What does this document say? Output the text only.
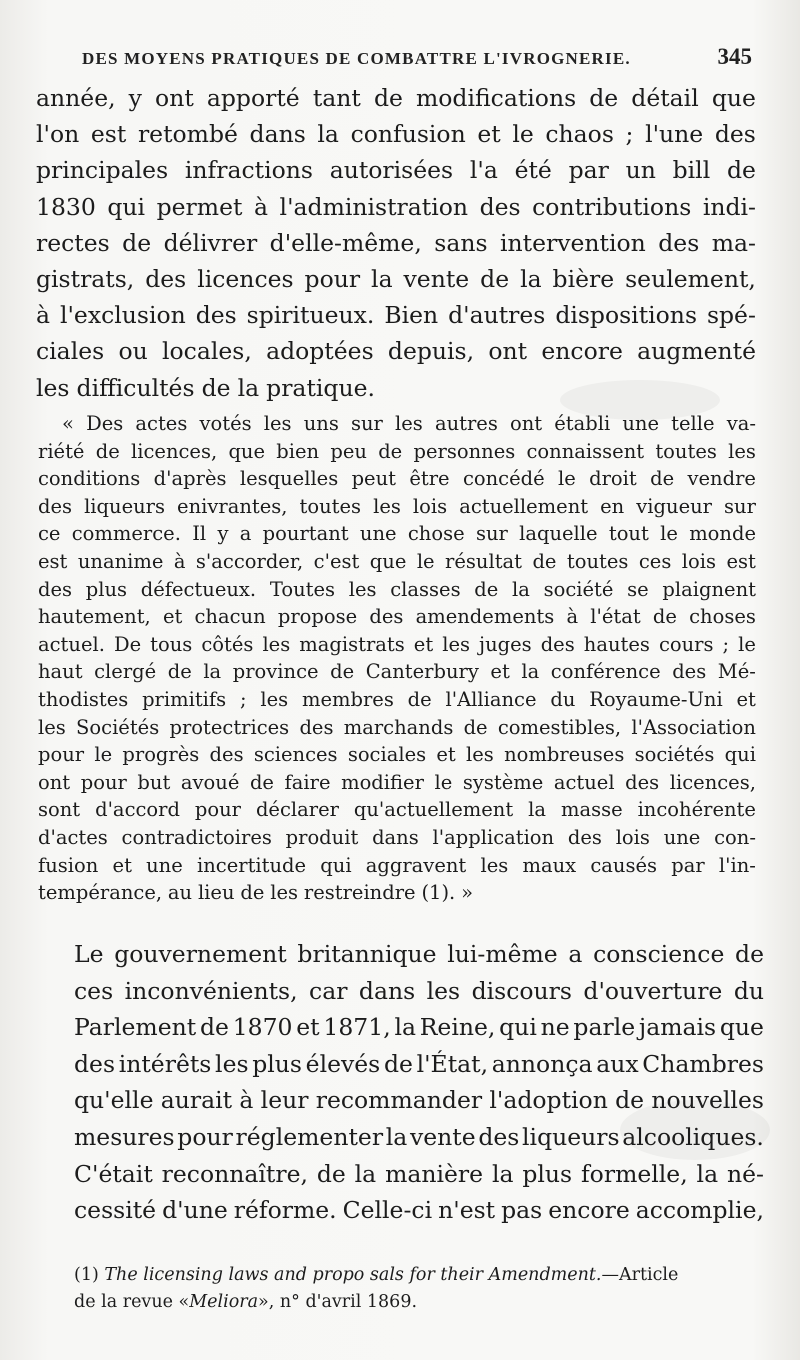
DES MOYENS PRATIQUES DE COMBATTRE L'IVROGNERIE.	345
année, y ont apporté tant de modifications de détail que
l'on est retombé dans la confusion et le chaos ; l'une des
principales infractions autorisées l'a été par un bill de
1830 qui permet à l'administration des contributions indi-
rectes de délivrer d'elle-même, sans intervention des ma-
gistrats, des licences pour la vente de la bière seulement,
à l'exclusion des spiritueux. Bien d'autres dispositions spé-
ciales ou locales, adoptées depuis, ont encore augmenté
les difficultés de la pratique.
« Des actes votés les uns sur les autres ont établi une telle va-
riété de licences, que bien peu de personnes connaissent toutes les
conditions d'après lesquelles peut être concédé le droit de vendre
des liqueurs enivrantes, toutes les lois actuellement en vigueur sur
ce commerce. Il y a pourtant une chose sur laquelle tout le monde
est unanime à s'accorder, c'est que le résultat de toutes ces lois est
des plus défectueux. Toutes les classes de la société se plaignent
hautement, et chacun propose des amendements à l'état de choses
actuel. De tous côtés les magistrats et les juges des hautes cours ; le
haut clergé de la province de Canterbury et la conférence des Mé-
thodistes primitifs ; les membres de l'Alliance du Royaume-Uni et
les Sociétés protectrices des marchands de comestibles, l'Association
pour le progrès des sciences sociales et les nombreuses sociétés qui
ont pour but avoué de faire modifier le système actuel des licences,
sont d'accord pour déclarer qu'actuellement la masse incohérente
d'actes contradictoires produit dans l'application des lois une con-
fusion et une incertitude qui aggravent les maux causés par l'in-
tempérance, au lieu de les restreindre (1). »
Le gouvernement britannique lui-même a conscience de
ces inconvénients, car dans les discours d'ouverture du
Parlement de 1870 et 1871, la Reine, qui ne parle jamais que
des intérêts les plus élevés de l'État, annonça aux Chambres
qu'elle aurait à leur recommander l'adoption de nouvelles
mesures pour réglementer la vente des liqueurs alcooliques.
C'était reconnaître, de la manière la plus formelle, la né-
cessité d'une réforme. Celle-ci n'est pas encore accomplie,
(1)
The licensing laws and propo sals for their Amendment. —Article
de la revue « Meliora », n° d'avril 1869.
